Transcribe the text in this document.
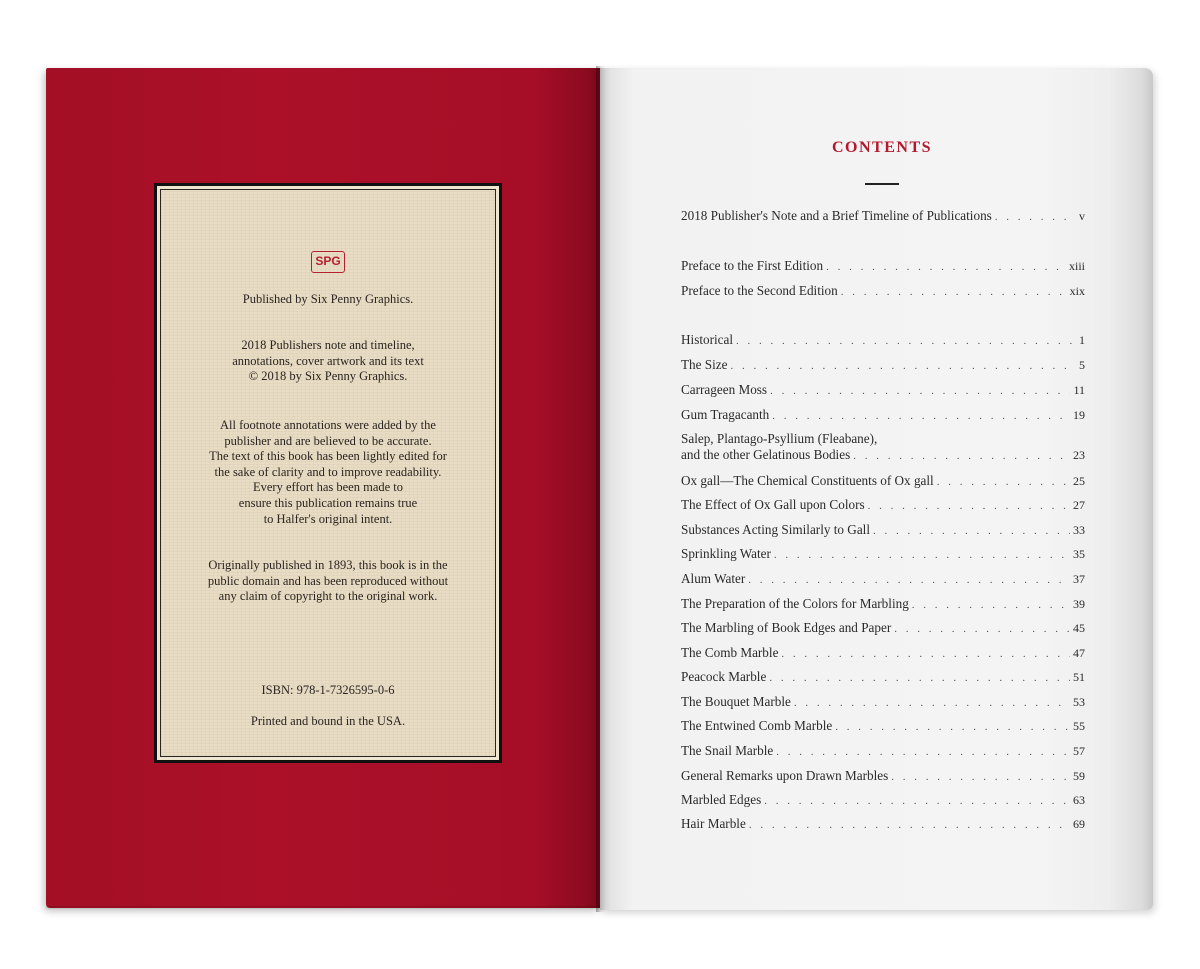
SPG

Published by Six Penny Graphics.

2018 Publishers note and timeline,
annotations, cover artwork and its text
© 2018 by Six Penny Graphics.

All footnote annotations were added by the
publisher and are believed to be accurate.
The text of this book has been lightly edited for
the sake of clarity and to improve readability.
Every effort has been made to
ensure this publication remains true
to Halfer's original intent.

Originally published in 1893, this book is in the
public domain and has been reproduced without
any claim of copyright to the original work.

ISBN: 978-1-7326595-0-6

Printed and bound in the USA.

CONTENTS
2018 Publisher's Note and a Brief Timeline of Publications . . .	v
Preface to the First Edition . . .	xiii
Preface to the Second Edition . . .	xix
Historical . . .	1
The Size . . .	5
Carrageen Moss . . .	11
Gum Tragacanth . . .	19
Salep, Plantago-Psyllium (Fleabane),
and the other Gelatinous Bodies . . .	23
Ox gall—The Chemical Constituents of Ox gall . . .	25
The Effect of Ox Gall upon Colors . . .	27
Substances Acting Similarly to Gall . . .	33
Sprinkling Water . . .	35
Alum Water . . .	37
The Preparation of the Colors for Marbling . . .	39
The Marbling of Book Edges and Paper . . .	45
The Comb Marble . . .	47
Peacock Marble . . .	51
The Bouquet Marble . . .	53
The Entwined Comb Marble . . .	55
The Snail Marble . . .	57
General Remarks upon Drawn Marbles . . .	59
Marbled Edges . . .	63
Hair Marble . . .	69
